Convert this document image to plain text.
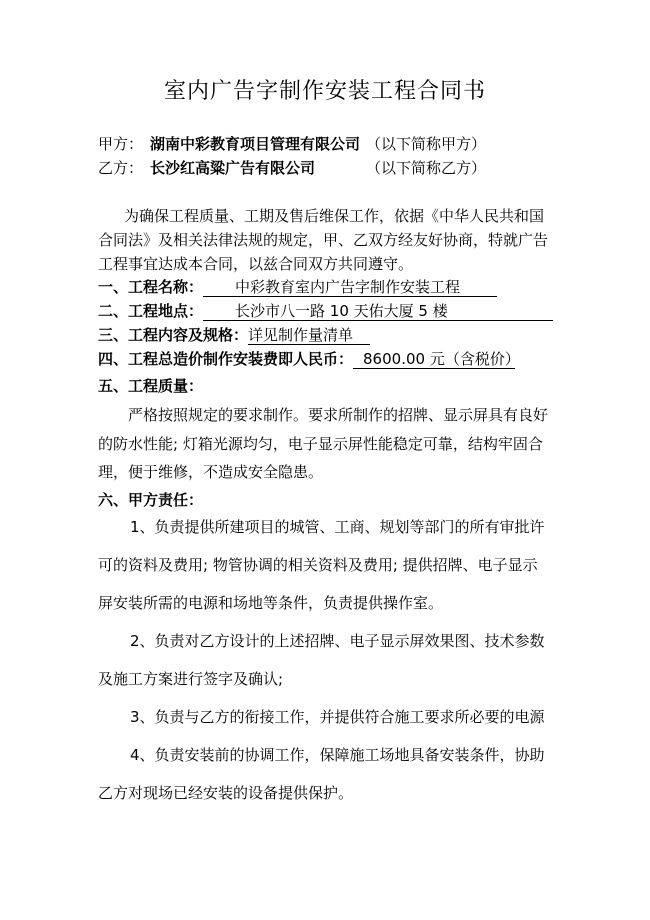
室内广告字制作安装工程合同书
甲方： 湖南中彩教育项目管理有限公司 （以下简称甲方）
乙方： 长沙红高粱广告有限公司	（以下简称乙方）
为确保工程质量、工期及售后维保工作，依据《中华人民共和国
合同法》及相关法律法规的规定，甲、乙双方经友好协商，特就广告
工程事宜达成本合同，以兹合同双方共同遵守。
一、工程名称： 中彩教育室内广告字制作安装工程
二、工程地点： 长沙市八一路 10 天佑大厦 5 楼
三、工程内容及规格：详见制作量清单
四、工程总造价制作安装费即人民币： 8600.00 元（含税价）
五、工程质量：
严格按照规定的要求制作。要求所制作的招牌、显示屏具有良好
的防水性能; 灯箱光源均匀，电子显示屏性能稳定可靠，结构牢固合
理，便于维修，不造成安全隐患。
六、甲方责任：
1、负责提供所建项目的城管、工商、规划等部门的所有审批许
可的资料及费用; 物管协调的相关资料及费用; 提供招牌、电子显示
屏安装所需的电源和场地等条件，负责提供操作室。
2、负责对乙方设计的上述招牌、电子显示屏效果图、技术参数
及施工方案进行签字及确认;
3、负责与乙方的衔接工作，并提供符合施工要求所必要的电源
4、负责安装前的协调工作，保障施工场地具备安装条件，协助
乙方对现场已经安装的设备提供保护。
